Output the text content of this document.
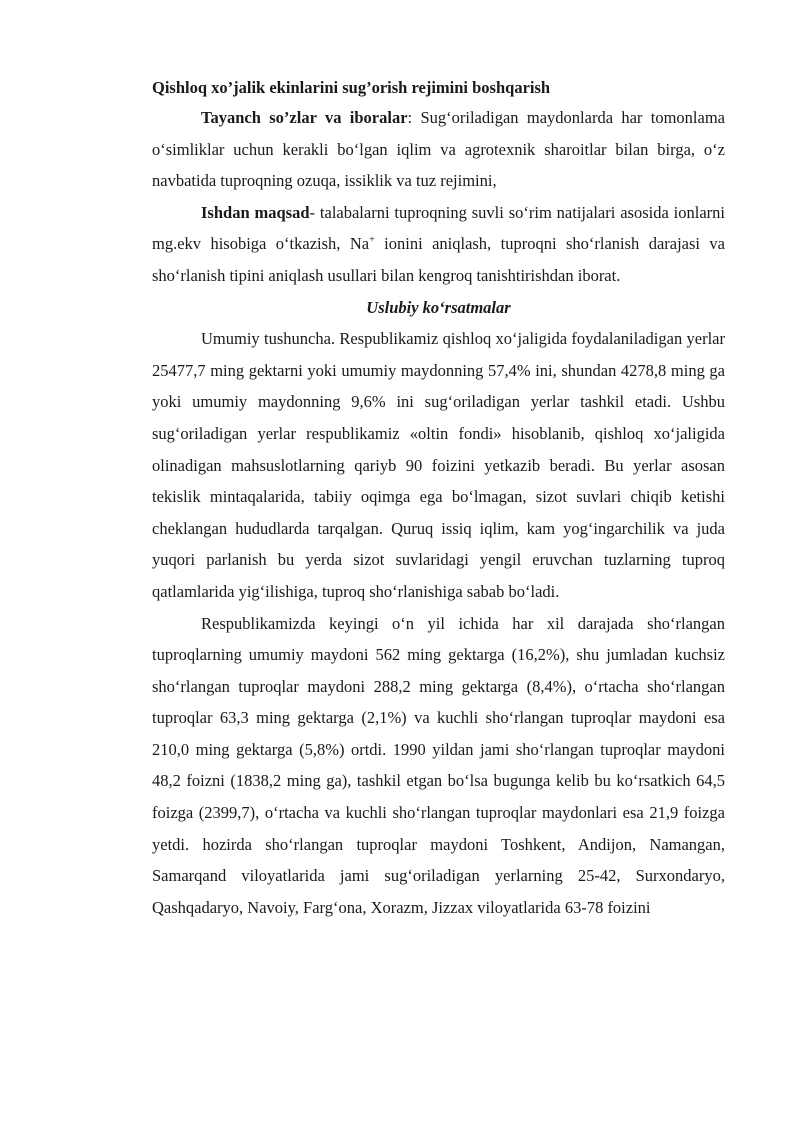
Qishloq xo’jalik ekinlarini sug’orish rejimini boshqarish

Tayanch so’zlar va iboralar: Sug‘oriladigan maydonlarda har tomonlama o‘simliklar uchun kerakli bo‘lgan iqlim va agrotexnik sharoitlar bilan birga, o‘z navbatida tuproqning ozuqa, issiklik va tuz rejimini,

Ishdan maqsad- talabalarni tuproqning suvli so‘rim natijalari asosida ionlarni mg.ekv hisobiga o‘tkazish, Na+ ionini aniqlash, tuproqni sho‘rlanish darajasi va sho‘rlanish tipini aniqlash usullari bilan kengroq tanishtirishdan iborat.

Uslubiy ko‘rsatmalar

Umumiy tushuncha. Respublikamiz qishloq xo‘jaligida foydalaniladigan yerlar 25477,7 ming gektarni yoki umumiy maydonning 57,4% ini, shundan 4278,8 ming ga yoki umumiy maydonning 9,6% ini sug‘oriladigan yerlar tashkil etadi. Ushbu sug‘oriladigan yerlar respublikamiz «oltin fondi» hisoblanib, qishloq xo‘jaligida olinadigan mahsuslotlarning qariyb 90 foizini yetkazib beradi. Bu yerlar asosan tekislik mintaqalarida, tabiiy oqimga ega bo‘lmagan, sizot suvlari chiqib ketishi cheklangan hududlarda tarqalgan. Quruq issiq iqlim, kam yog‘ingarchilik va juda yuqori parlanish bu yerda sizot suvlaridagi yengil eruvchan tuzlarning tuproq qatlamlarida yig‘ilishiga, tuproq sho‘rlanishiga sabab bo‘ladi.

Respublikamizda keyingi o‘n yil ichida har xil darajada sho‘rlangan tuproqlarning umumiy maydoni 562 ming gektarga (16,2%), shu jumladan kuchsiz sho‘rlangan tuproqlar maydoni 288,2 ming gektarga (8,4%), o‘rtacha sho‘rlangan tuproqlar 63,3 ming gektarga (2,1%) va kuchli sho‘rlangan tuproqlar maydoni esa 210,0 ming gektarga (5,8%) ortdi. 1990 yildan jami sho‘rlangan tuproqlar maydoni 48,2 foizni (1838,2 ming ga), tashkil etgan bo‘lsa bugunga kelib bu ko‘rsatkich 64,5 foizga (2399,7), o‘rtacha va kuchli sho‘rlangan tuproqlar maydonlari esa 21,9 foizga yetdi. hozirda sho‘rlangan tuproqlar maydoni Toshkent, Andijon, Namangan, Samarqand viloyatlarida jami sug‘oriladigan yerlarning 25-42, Surxondaryo, Qashqadaryo, Navoiy, Farg‘ona, Xorazm, Jizzax viloyatlarida 63-78 foizini
